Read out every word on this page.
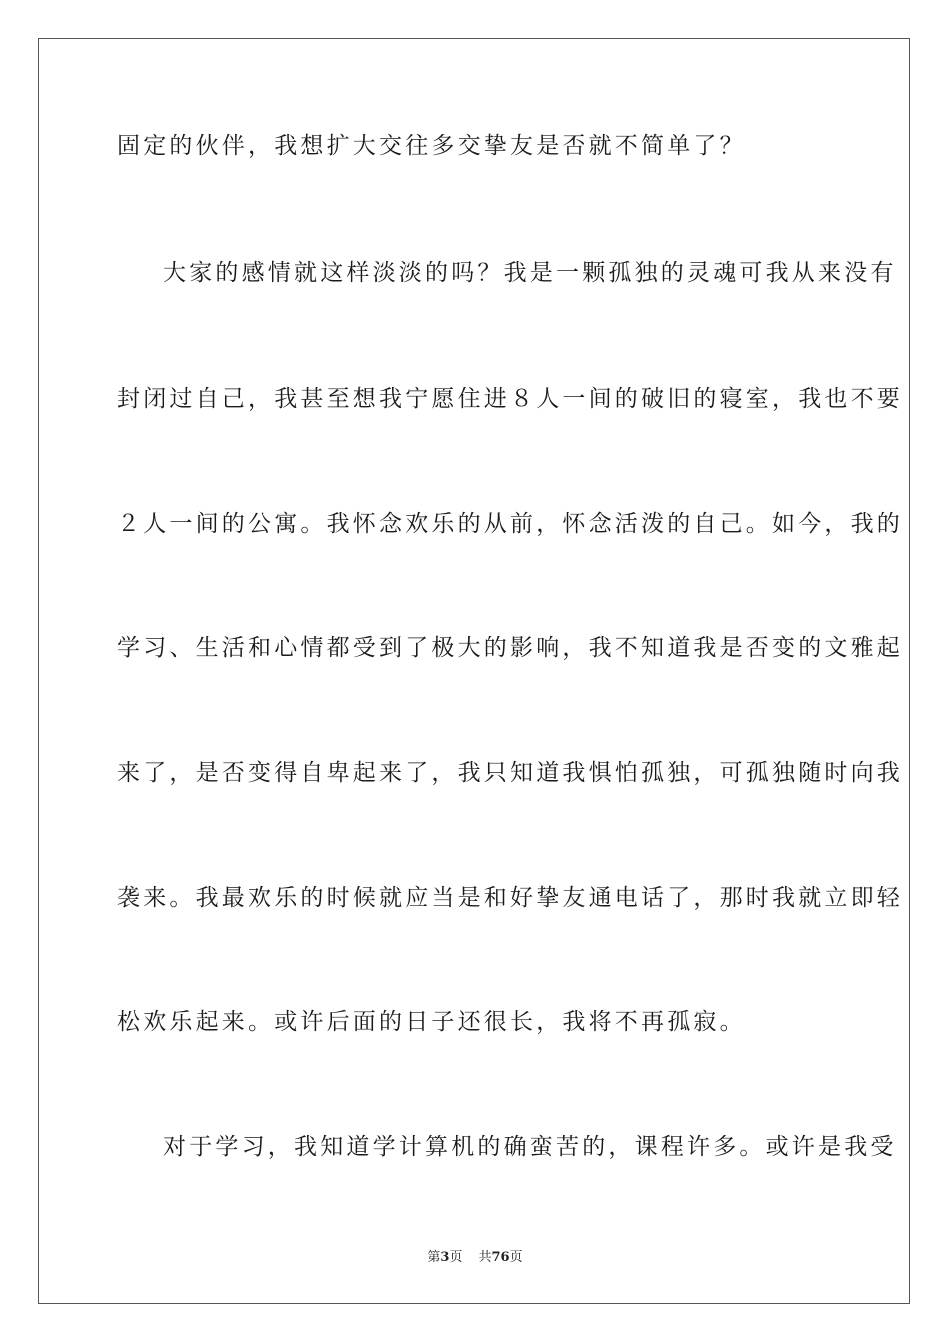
固定的伙伴，我想扩大交往多交挚友是否就不简单了？
大家的感情就这样淡淡的吗？我是一颗孤独的灵魂可我从来没有
封闭过自己，我甚至想我宁愿住进８人一间的破旧的寝室，我也不要
２人一间的公寓。我怀念欢乐的从前，怀念活泼的自己。如今，我的
学习、生活和心情都受到了极大的影响，我不知道我是否变的文雅起
来了，是否变得自卑起来了，我只知道我惧怕孤独，可孤独随时向我
袭来。我最欢乐的时候就应当是和好挚友通电话了，那时我就立即轻
松欢乐起来。或许后面的日子还很长，我将不再孤寂。
对于学习，我知道学计算机的确蛮苦的，课程许多。或许是我受
第3页 共76页
